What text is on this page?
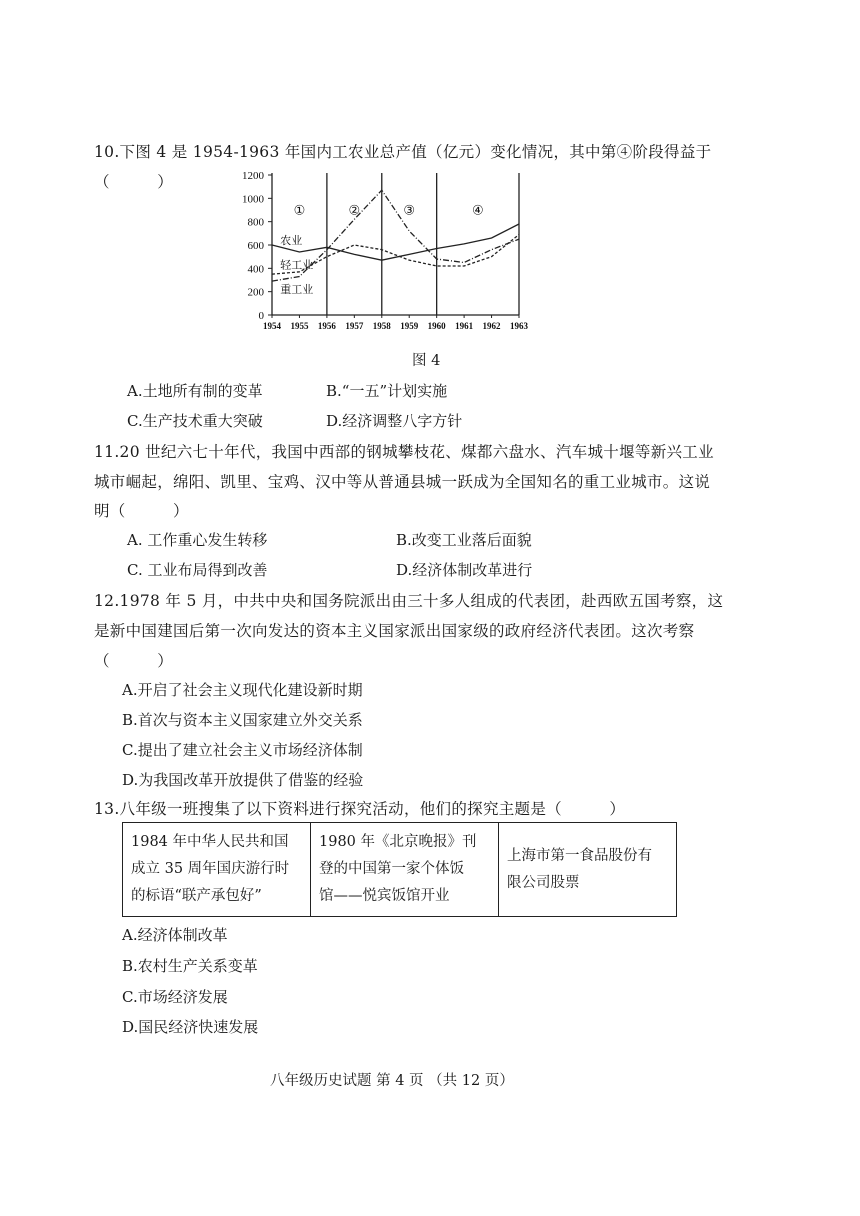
10.下图 4 是 1954-1963 年国内工农业总产值（亿元）变化情况，其中第④阶段得益于
（　　　）
0
200
400
600
800
1000
1200
1954 1955 1956 1957 1958 1959 1960 1961 1962 1963
①	②	③	④
农业
轻工业
重工业
图 4
A.土地所有制的变革	B.“一五”计划实施
C.生产技术重大突破	D.经济调整八字方针
11.20 世纪六七十年代，我国中西部的钢城攀枝花、煤都六盘水、汽车城十堰等新兴工业
城市崛起，绵阳、凯里、宝鸡、汉中等从普通县城一跃成为全国知名的重工业城市。这说
明（　　　）
A. 工作重心发生转移	B.改变工业落后面貌
C. 工业布局得到改善	D.经济体制改革进行
12.1978 年 5 月，中共中央和国务院派出由三十多人组成的代表团，赴西欧五国考察，这
是新中国建国后第一次向发达的资本主义国家派出国家级的政府经济代表团。这次考察
（　　　）
A.开启了社会主义现代化建设新时期
B.首次与资本主义国家建立外交关系
C.提出了建立社会主义市场经济体制
D.为我国改革开放提供了借鉴的经验
13.八年级一班搜集了以下资料进行探究活动，他们的探究主题是（　　　）
1984 年中华人民共和国
成立 35 周年国庆游行时
的标语“联产承包好”

1980 年《北京晚报》刊
登的中国第一家个体饭
馆——悦宾饭馆开业

上海市第一食品股份有
限公司股票
A.经济体制改革
B.农村生产关系变革
C.市场经济发展
D.国民经济快速发展
八年级历史试题 第 4 页 （共 12 页）
